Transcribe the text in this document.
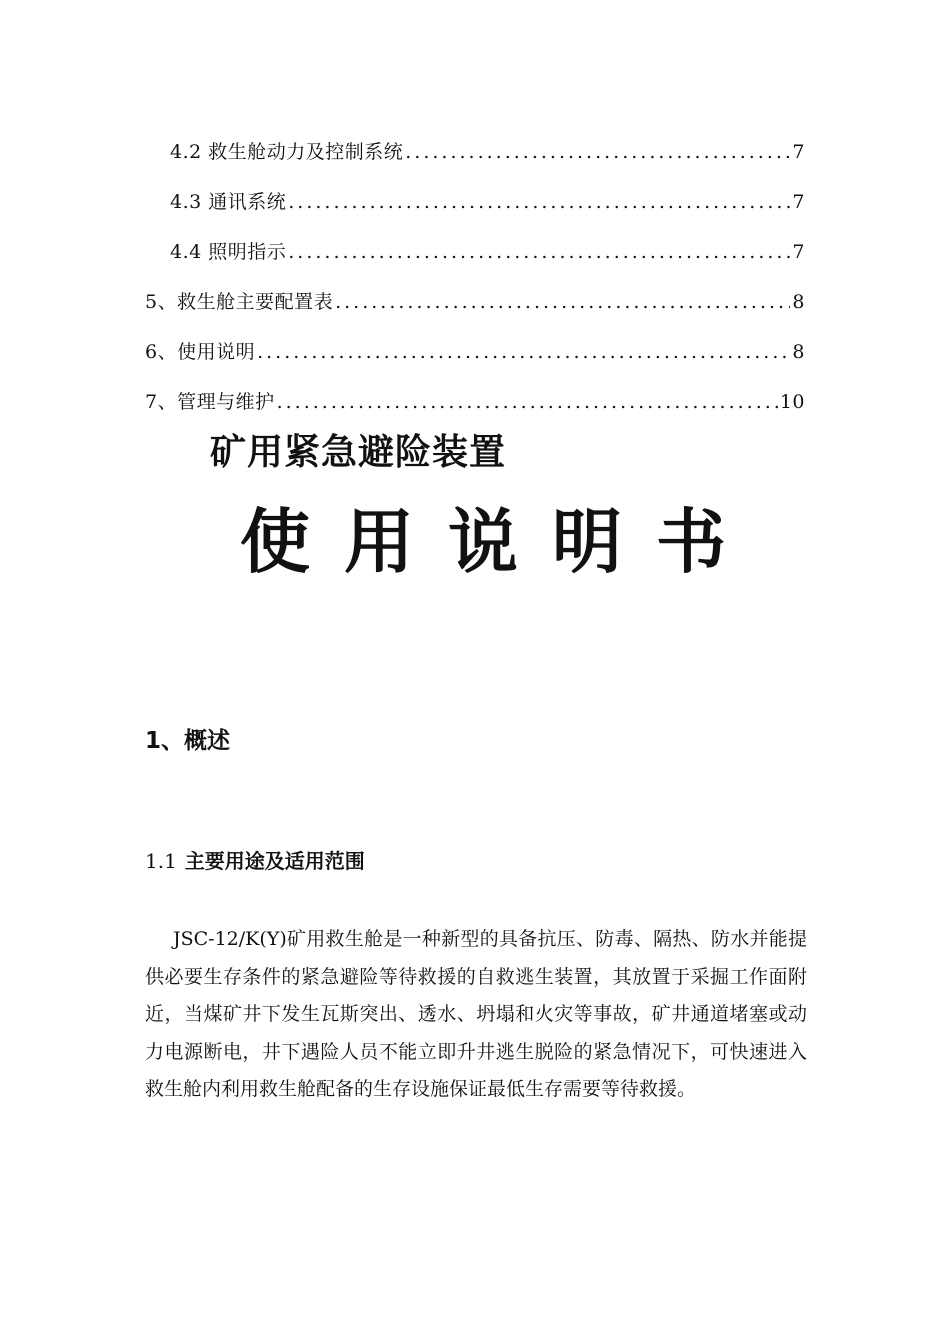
4.2 救生舱动力及控制系统 .....	7
4.3 通讯系统 .....	7
4.4 照明指示 .....	7
5、救生舱主要配置表 .....	8
6、使用说明 .....	8
7、管理与维护 .....	10
矿用紧急避险装置
使用说明书
1、概述
1.1 主要用途及适用范围
JSC-12/K(Y)矿用救生舱是一种新型的具备抗压、防毒、隔热、防水并能提
供必要生存条件的紧急避险等待救援的自救逃生装置，其放置于采掘工作面附
近，当煤矿井下发生瓦斯突出、透水、坍塌和火灾等事故，矿井通道堵塞或动
力电源断电，井下遇险人员不能立即升井逃生脱险的紧急情况下，可快速进入
救生舱内利用救生舱配备的生存设施保证最低生存需要等待救援。
